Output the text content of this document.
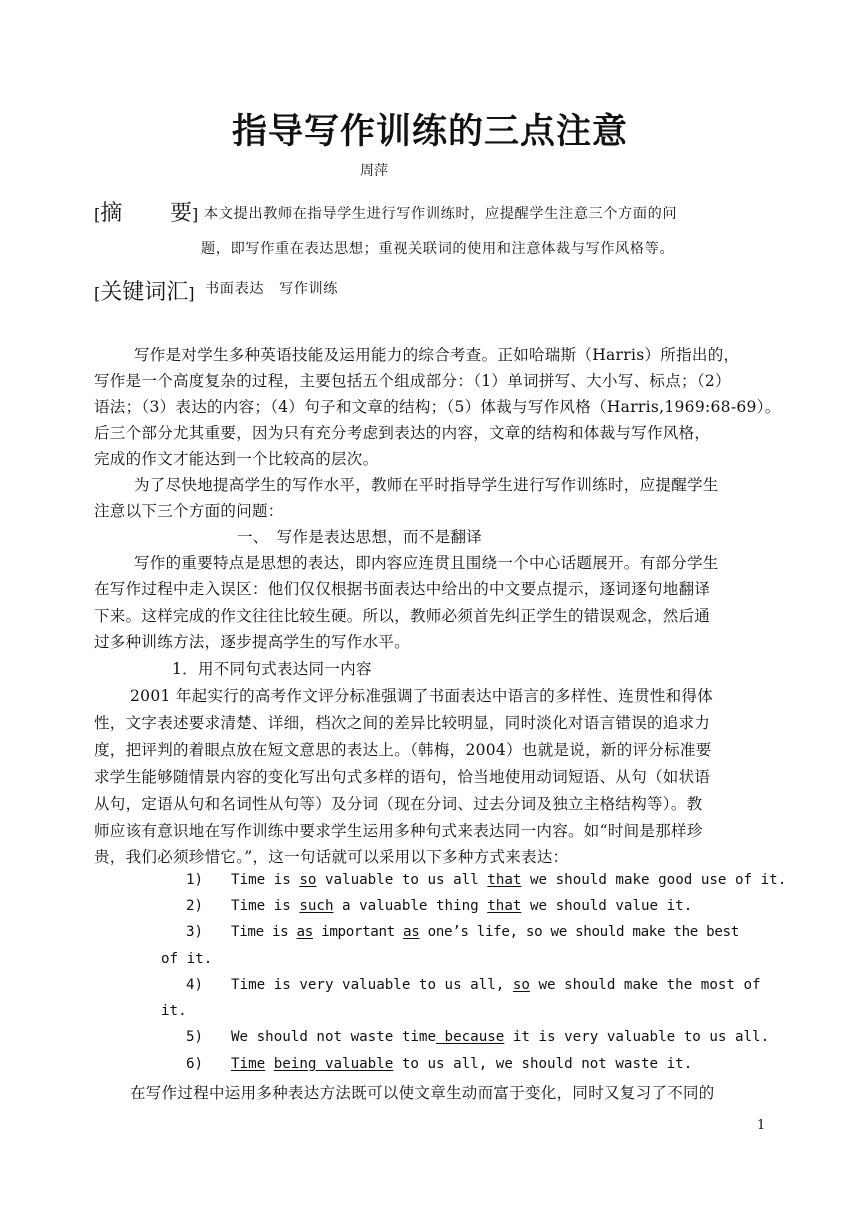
指导写作训练的三点注意
周萍
[摘 要] 本文提出教师在指导学生进行写作训练时，应提醒学生注意三个方面的问
题，即写作重在表达思想；重视关联词的使用和注意体裁与写作风格等。
[关键词汇] 书面表达　写作训练
写作是对学生多种英语技能及运用能力的综合考查。正如哈瑞斯（Harris）所指出的，
写作是一个高度复杂的过程，主要包括五个组成部分：（1）单词拼写、大小写、标点；（2）
语法；（3）表达的内容；（4）句子和文章的结构；（5）体裁与写作风格（Harris,1969:68-69）。
后三个部分尤其重要，因为只有充分考虑到表达的内容，文章的结构和体裁与写作风格，
完成的作文才能达到一个比较高的层次。
为了尽快地提高学生的写作水平，教师在平时指导学生进行写作训练时，应提醒学生
注意以下三个方面的问题：
一、　写作是表达思想，而不是翻译
写作的重要特点是思想的表达，即内容应连贯且围绕一个中心话题展开。有部分学生
在写作过程中走入误区：他们仅仅根据书面表达中给出的中文要点提示，逐词逐句地翻译
下来。这样完成的作文往往比较生硬。所以，教师必须首先纠正学生的错误观念，然后通
过多种训练方法，逐步提高学生的写作水平。
1．用不同句式表达同一内容
2001 年起实行的高考作文评分标准强调了书面表达中语言的多样性、连贯性和得体
性，文字表述要求清楚、详细，档次之间的差异比较明显，同时淡化对语言错误的追求力
度，把评判的着眼点放在短文意思的表达上。（韩梅，2004）也就是说，新的评分标准要
求学生能够随情景内容的变化写出句式多样的语句，恰当地使用动词短语、从句（如状语
从句，定语从句和名词性从句等）及分词（现在分词、过去分词及独立主格结构等）。教
师应该有意识地在写作训练中要求学生运用多种句式来表达同一内容。如“时间是那样珍
贵，我们必须珍惜它。”，这一句话就可以采用以下多种方式来表达：
1) Time is so valuable to us all that we should make good use of it.
2) Time is such a valuable thing that we should value it.
3) Time is as important as one’s life, so we should make the best
of it.
4) Time is very valuable to us all, so we should make the most of
it.
5) We should not waste time because it is very valuable to us all.
6) Time being valuable to us all, we should not waste it.
在写作过程中运用多种表达方法既可以使文章生动而富于变化，同时又复习了不同的
1
